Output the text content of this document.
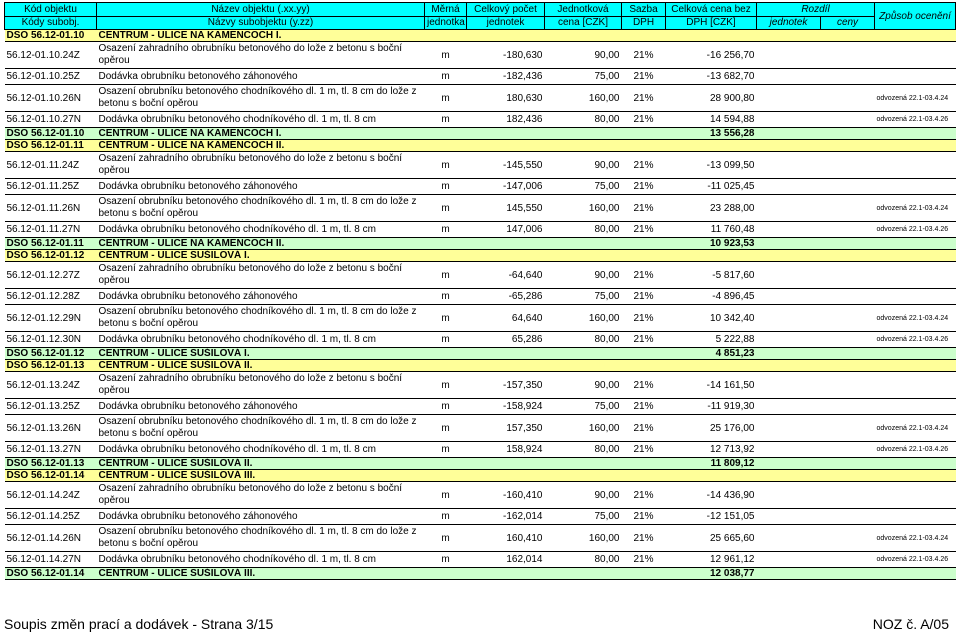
Kód objektu	Název objektu (.xx.yy)	Měrná	Celkový počet	Jednotková	Sazba	Celková cena bez	Rozdíl		Způsob ocenění
Kódy subobj.	Názvy subobjektu (y.zz)	jednotka	jednotek	cena [CZK]	DPH	DPH [CZK]	jednotek	ceny	
DSO 56.12-01.10	CENTRUM - ULICE NA KAMENCOCH I.								
56.12-01.10.24Z	Osazení zahradního obrubníku betonového do lože z betonu s boční opěrou	m	-180,630	90,00	21%	-16 256,70			
56.12-01.10.25Z	Dodávka obrubníku betonového záhonového	m	-182,436	75,00	21%	-13 682,70			
56.12-01.10.26N	Osazení obrubníku betonového chodníkového dl. 1 m, tl. 8 cm do lože z betonu s boční opěrou	m	180,630	160,00	21%	28 900,80			odvozená 22.1-03.4.24
56.12-01.10.27N	Dodávka obrubníku betonového chodníkového dl. 1 m, tl. 8 cm	m	182,436	80,00	21%	14 594,88			odvozená 22.1-03.4.26
DSO 56.12-01.10	CENTRUM - ULICE NA KAMENCOCH I.					13 556,28			
DSO 56.12-01.11	CENTRUM - ULICE NA KAMENCOCH II.								
56.12-01.11.24Z	Osazení zahradního obrubníku betonového do lože z betonu s boční opěrou	m	-145,550	90,00	21%	-13 099,50			
56.12-01.11.25Z	Dodávka obrubníku betonového záhonového	m	-147,006	75,00	21%	-11 025,45			
56.12-01.11.26N	Osazení obrubníku betonového chodníkového dl. 1 m, tl. 8 cm do lože z betonu s boční opěrou	m	145,550	160,00	21%	23 288,00			odvozená 22.1-03.4.24
56.12-01.11.27N	Dodávka obrubníku betonového chodníkového dl. 1 m, tl. 8 cm	m	147,006	80,00	21%	11 760,48			odvozená 22.1-03.4.26
DSO 56.12-01.11	CENTRUM - ULICE NA KAMENCOCH II.					10 923,53			
DSO 56.12-01.12	CENTRUM - ULICE SUŠILOVÁ I.								
56.12-01.12.27Z	Osazení zahradního obrubníku betonového do lože z betonu s boční opěrou	m	-64,640	90,00	21%	-5 817,60			
56.12-01.12.28Z	Dodávka obrubníku betonového záhonového	m	-65,286	75,00	21%	-4 896,45			
56.12-01.12.29N	Osazení obrubníku betonového chodníkového dl. 1 m, tl. 8 cm do lože z betonu s boční opěrou	m	64,640	160,00	21%	10 342,40			odvozená 22.1-03.4.24
56.12-01.12.30N	Dodávka obrubníku betonového chodníkového dl. 1 m, tl. 8 cm	m	65,286	80,00	21%	5 222,88			odvozená 22.1-03.4.26
DSO 56.12-01.12	CENTRUM - ULICE SUŠILOVÁ I.					4 851,23			
DSO 56.12-01.13	CENTRUM - ULICE SUŠILOVÁ II.								
56.12-01.13.24Z	Osazení zahradního obrubníku betonového do lože z betonu s boční opěrou	m	-157,350	90,00	21%	-14 161,50			
56.12-01.13.25Z	Dodávka obrubníku betonového záhonového	m	-158,924	75,00	21%	-11 919,30			
56.12-01.13.26N	Osazení obrubníku betonového chodníkového dl. 1 m, tl. 8 cm do lože z betonu s boční opěrou	m	157,350	160,00	21%	25 176,00			odvozená 22.1-03.4.24
56.12-01.13.27N	Dodávka obrubníku betonového chodníkového dl. 1 m, tl. 8 cm	m	158,924	80,00	21%	12 713,92			odvozená 22.1-03.4.26
DSO 56.12-01.13	CENTRUM - ULICE SUŠILOVÁ II.					11 809,12			
DSO 56.12-01.14	CENTRUM - ULICE SUŠILOVÁ III.								
56.12-01.14.24Z	Osazení zahradního obrubníku betonového do lože z betonu s boční opěrou	m	-160,410	90,00	21%	-14 436,90			
56.12-01.14.25Z	Dodávka obrubníku betonového záhonového	m	-162,014	75,00	21%	-12 151,05			
56.12-01.14.26N	Osazení obrubníku betonového chodníkového dl. 1 m, tl. 8 cm do lože z betonu s boční opěrou	m	160,410	160,00	21%	25 665,60			odvozená 22.1-03.4.24
56.12-01.14.27N	Dodávka obrubníku betonového chodníkového dl. 1 m, tl. 8 cm	m	162,014	80,00	21%	12 961,12			odvozená 22.1-03.4.26
DSO 56.12-01.14	CENTRUM - ULICE SUŠILOVÁ III.					12 038,77			
Soupis změn prací a dodávek - Strana 3/15	NOZ č. A/05
